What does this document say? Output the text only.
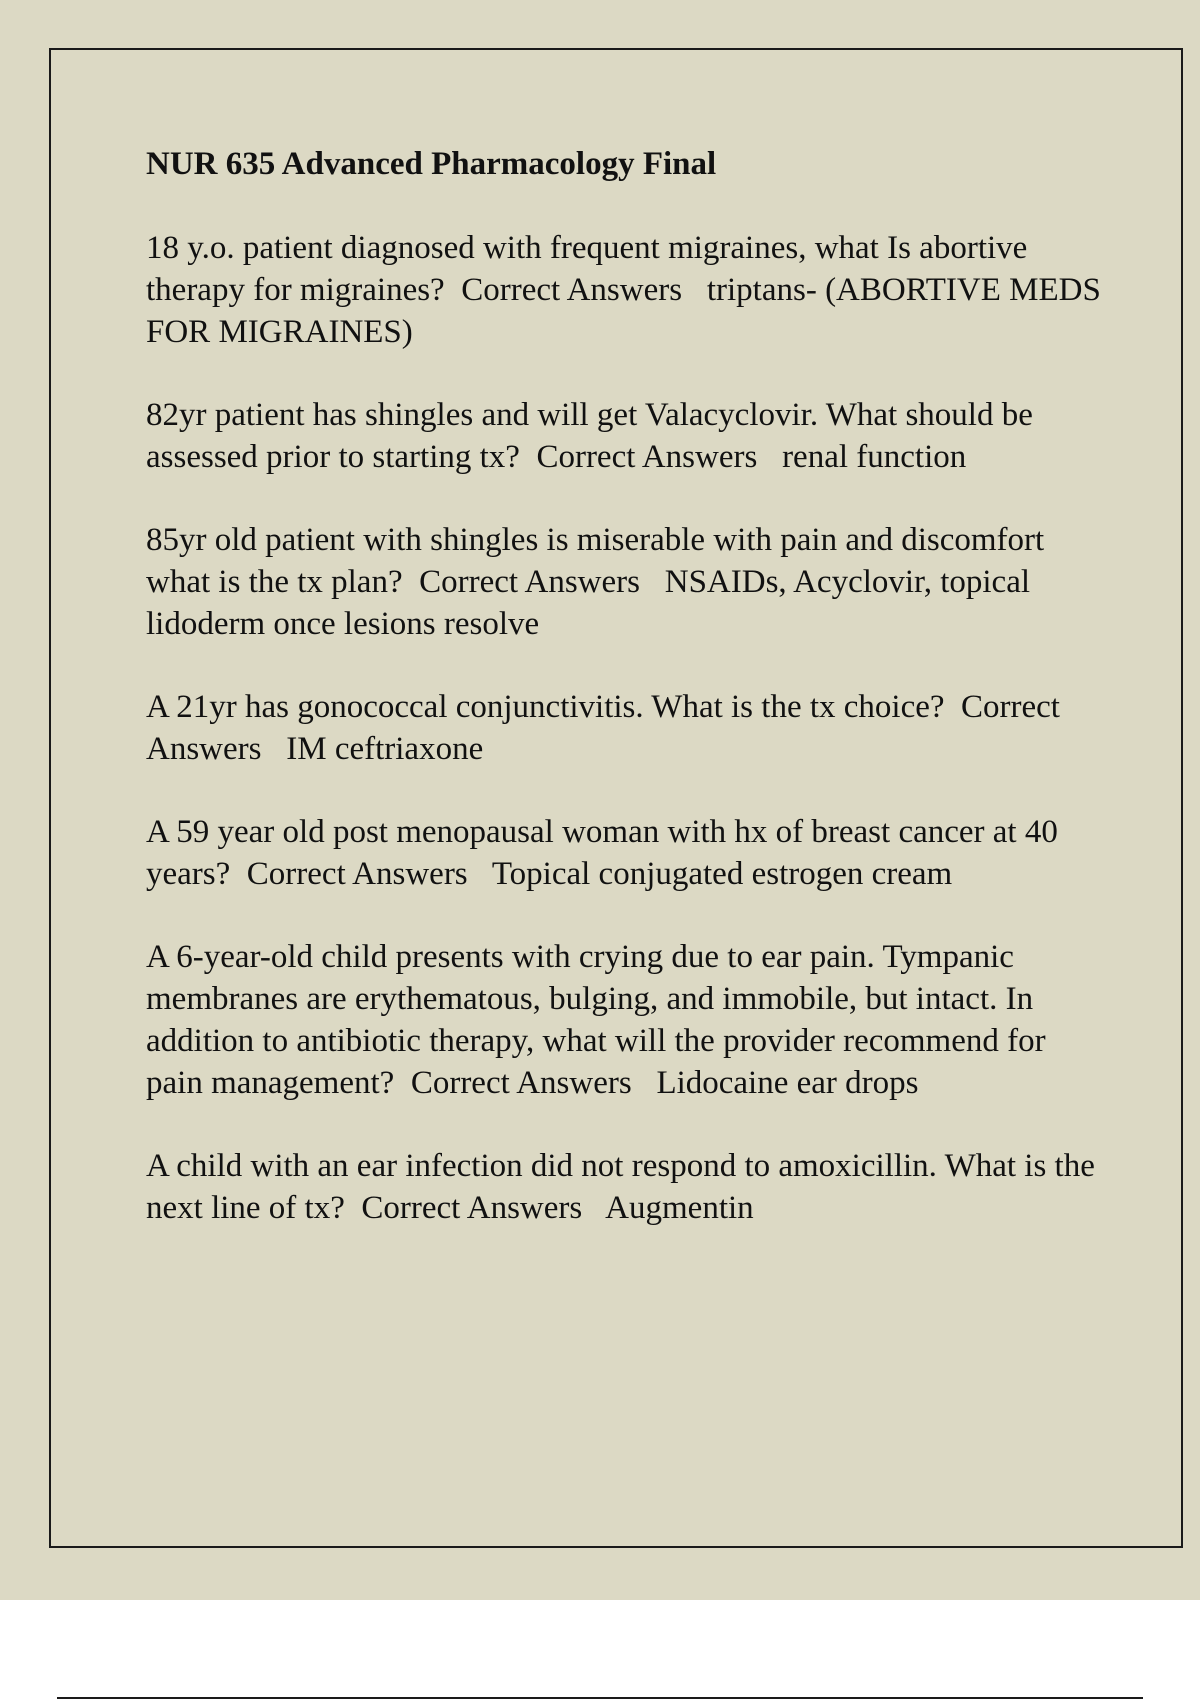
NUR 635 Advanced Pharmacology Final
18 y.o. patient diagnosed with frequent migraines, what Is abortive therapy for migraines? Correct Answers triptans- (ABORTIVE MEDS FOR MIGRAINES)
82yr patient has shingles and will get Valacyclovir. What should be assessed prior to starting tx? Correct Answers renal function
85yr old patient with shingles is miserable with pain and discomfort what is the tx plan? Correct Answers NSAIDs, Acyclovir, topical lidoderm once lesions resolve
A 21yr has gonococcal conjunctivitis. What is the tx choice? Correct Answers IM ceftriaxone
A 59 year old post menopausal woman with hx of breast cancer at 40 years? Correct Answers Topical conjugated estrogen cream
A 6-year-old child presents with crying due to ear pain. Tympanic membranes are erythematous, bulging, and immobile, but intact. In addition to antibiotic therapy, what will the provider recommend for pain management? Correct Answers Lidocaine ear drops
A child with an ear infection did not respond to amoxicillin. What is the next line of tx? Correct Answers Augmentin
